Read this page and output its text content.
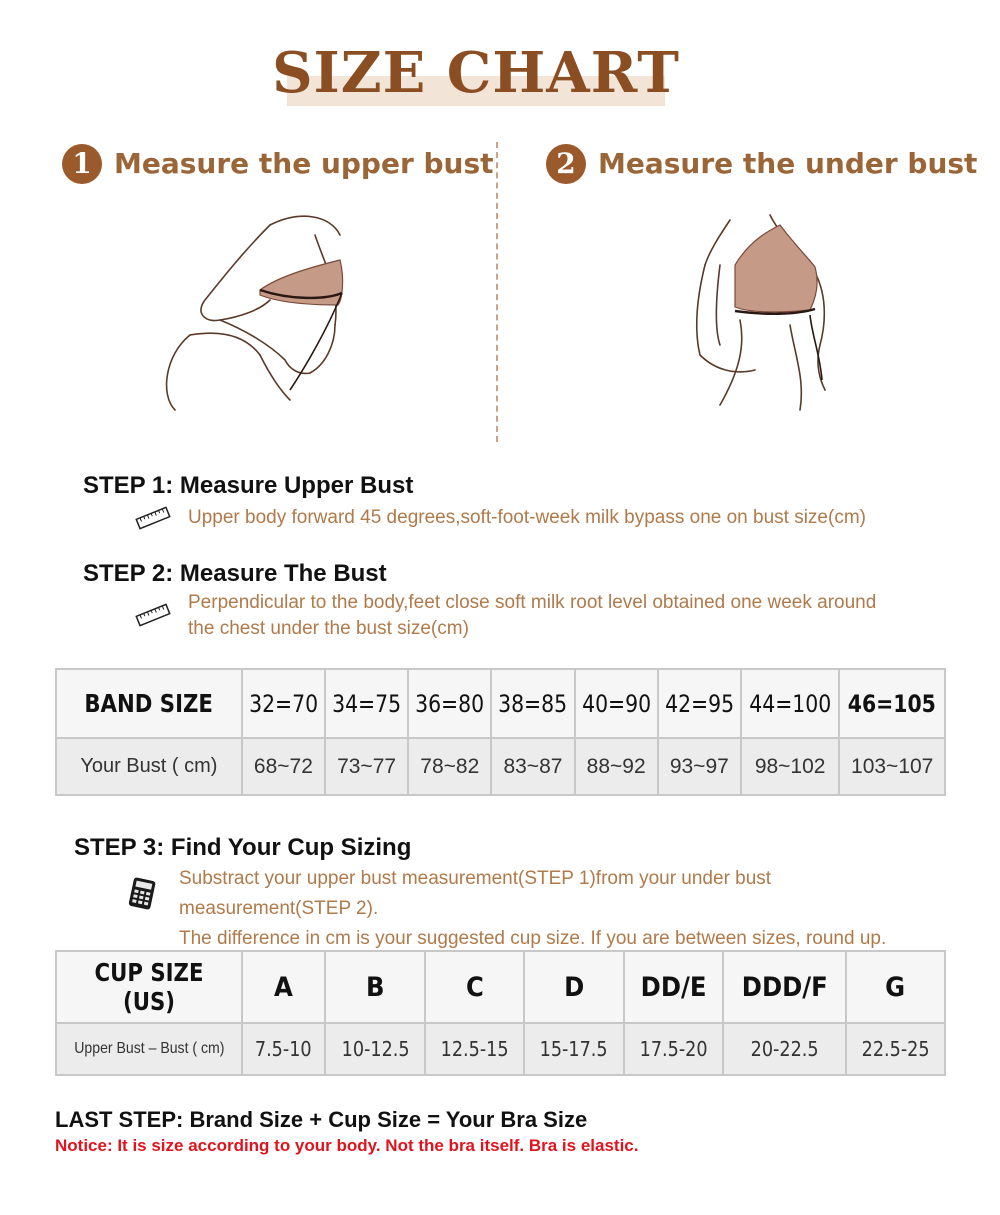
SIZE CHART
1 Measure the upper bust	2 Measure the under bust
STEP 1: Measure Upper Bust
Upper body forward 45 degrees,soft-foot-week milk bypass one on bust size(cm)
STEP 2: Measure The Bust
Perpendicular to the body,feet close soft milk root level obtained one week around
the chest under the bust size(cm)
BAND SIZE	32=70	34=75	36=80	38=85	40=90	42=95	44=100	46=105
Your Bust ( cm)	68~72	73~77	78~82	83~87	88~92	93~97	98~102	103~107
STEP 3: Find Your Cup Sizing
Substract your upper bust measurement(STEP 1)from your under bust
measurement(STEP 2).
The difference in cm is your suggested cup size. If you are between sizes, round up.
CUP SIZE (US)	A	B	C	D	DD/E	DDD/F	G
Upper Bust – Bust ( cm)	7.5-10	10-12.5	12.5-15	15-17.5	17.5-20	20-22.5	22.5-25
LAST STEP: Brand Size + Cup Size = Your Bra Size
Notice: It is size according to your body. Not the bra itself. Bra is elastic.
